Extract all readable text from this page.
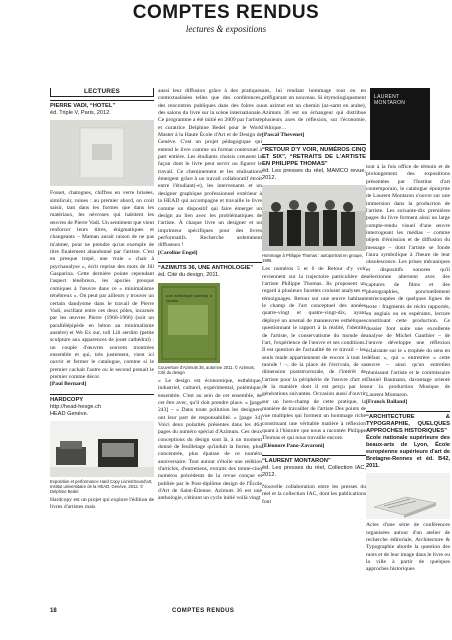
COMPTES RENDUS
lectures & expositions
LECTURES
PIERRE VADI, “HOTEL”
éd. Triple V, Paris, 2012.

Fosset, chatognes, chiffres en verre brisées, similicuir, ruines : au premier abord, on croit saisir, tant dans les formes que dans les matériaux, les névroses qui habitent les œuvres de Pierre Vadi. Un sentiment que vient renforcer leurs titres, énigmatiques et changeants – Maman aurait raison de ne pas m'aimer, pour ne prendre qu'un exemple de titre finalement abandonné par l'artiste. C'est en presque tropé, une vraie « chair à psychanalyse », écrit reprise des mots de Jill Gasparina. Cette dernière pointe cependant l'aspect ténébreux, les apories presque comiques à l'œuvre dans ce « minimalisme ténébreux ». On peut par ailleurs y trouver un certain dandysme dans le travail de Pierre Vadi, oscillant entre ces deux pôles, incarnés par les œuvres Pierre (1966-1966) (soit un parallélépipède en béton au minimalisme austère) et We Ex sur, toll Lili serdim (petite sculpture aux apparences de jouet cathédral) : un couple d'œuvres souvent montrées ensemble et qui, très justement, vient ici ouvrir et fermer le catalogue, comme si le premier cachait l'autre ou le second prenait le premier comme décor.

[Paul Bernard]

HARDCOPY
http://head-hesge.ch
HEAD Genève.
Exposition et performance Hard Copy Livres/Sound’art, Institut universitaire de la HEAD, Genève, 2012. © Delphine Bedel

Hardcopy est un projet qui explore l'édition de livres d'artistes mais

aussi leur diffusion grâce à des pratiques contextualisées telles que des conférences, des rencontres publiques dans des foires ou des salons du livre sur la scène internationale. Ce programme a été initié en 2009 par l'artiste et curatrice Delphine Bedel pour le Work Master à la Haute École d'Art et de Design de Genève. C'est un projet pédagogique qui entend le livre comme un format contextuel à part entière. Les étudiants choisis creusent la façon dont le livre peut servir ou figurer le travail. Ce cheminement et les réalisations émergent grâce à un travail collaboratif étroit entre l'étudiant(-e), les intervenants et un designer graphique professionnel extérieur à la HEAD qui accompagne et travaille le livre comme un dispositif qui faire émerger un design au lien avec les problématiques de l'artiste. À chaque livre un designer et un imprimeur spécifiques pour des livres performatifs. Recherche ardemment diffuseurs !

[Caroline Engel]

“AZIMUTS 36, UNE ANTHOLOGIE”
éd. Cité du design, 2011.
une anthologie azimuts à coudre
Couverture d'Azimuts 36, automne 2011. © Azimuts, Cité du design

« Le design est économique, esthétique, industriel, culturel, expérimental, polémique, ensemble. C'est au sein de cet ensemble, de cet être avec, qu'il doit prendre place. » [page 243] – « Dans toute pollution les designers ont leur part de responsabilité. » [page 34] Voici deux polarités présentes dans les 464 pages du numéro spécial d'Azimuts. Ces deux conceptions du design sont là, à un moment donné de feuilletage qu'induit la forme, plus concentrée, plus épaisse de ce numéro anniversaire. Tout autour s'étoile une rédition d'articles, d'entretiens, extraits des trente-cinq numéros précédents de la revue conçue et publiée par le Post-diplôme design de l'École d'Art de Saint-Étienne. Azimuts 36 est une anthologie, s'étirant un cycle initié voilà vingt

ans, lui rendant hommage tout en en préfigurant un nouveau. Si étymologiquement un azimut est un chemin (az-samt en arabe), Azimuts 36 est un échangeur qui distribue plusieurs axes de réflexion, sur l'économie, l'éthique…

[Pascal Thevenet]

“RETOUR D'Y VOIR, NUMÉROS CINQ ET SIX”, “RETRAITS DE L'ARTISTE EN PHILIPPE THOMAS”
éd. Les presses du réel, MAMCO revue, 2012.
Hommage à Philippe Thomas : autoportrait en groupe, 1985.

Les numéros 5 et 6 de Retour d'y voir reviennent sur la trajectoire particulière de l'artiste Philippe Thomas. Ils proposent un regard à plusieurs facettes croisant analyses et témoignages. Retour sur une œuvre habitant le champ de l'art conceptuel des années quatre-vingt et quatre-vingt-dix, ayant déployé un arsenal de manœuvres esthétiques questionnant le rapport à la réalité, l'identité de l'artiste, le conservatisme du monde de l'art, l'expérience de l'œuvre et ses conditions. Il est question de l'actualité de ce travail – les seuls made appartiennent de encore à tout le monde ! –, de la place de l'écrivain, de sa dimension poststructurale, de l'intérêt de l'artiste pour la périphérie de l'œuvre d'art et de la manière dont il est perçu par les générations suivantes. Occasion aussi d'ouvrir sur un hors-champ de cette pratique, la manière de travailler de l'artiste Des points de vue multiples qui forment un hommage riche constituant une véritable matière à réflexion quant à l'histoire que nous a racontée Philippe Thomas et qui nous travaille encore.

[Eléonore Pano-Zavaroni]

“LAURENT MONTARON”
éd. Les presses du réel, Collection IAC, 2012.

Nouvelle collaboration entre les presses du réel et la collection IAC, dont les publications font

LAURENT
MONTARON

tout à la fois office de témoin et de prolongement des expositions présentées par l'Institut d'art contemporain, le catalogue éponyme de Laurent Montaron s'ouvre sur une immersion dans la production de l'artiste. Les soixante-dix premières pages du livre forment ainsi un large compte-rendu visuel d'une œuvre interrogeant les médias – comme objets d'émission et de diffusion du message – dont l'artiste se fonde l'aura symbolique à l'heure de leur obsolescence. Les prises mécaniques et dispositifs sonores qu'il sélectionne alternent avec des captures de films et des photographies, ponctuellement entrecoupées de quelques lignes de texte : fragments de récits rapportés, en anglais ou en espéranto, lecture constituant cette production. Ce dossier font suite une excellente analyse de Michel Gauthier – de l'œuvre développe une réflexion éclairante sur le « trophée du sens en défaut », qui « entretrère » cette œuvre – ainsi qu'un entretien réunissant l'artiste et le commissaire Daniel Baumann, davantage orienté sur la production Musique de Laurent Montaron.

[Franck Balland]

“ARCHITECTURE & TYPOGRAPHIE, QUELQUES APPROCHES HISTORIQUES”
École nationale supérieure des beaux-arts de Lyon, École européenne supérieure d'art de Bretagne-Rennes et éd. B42, 2011.

Actes d'une série de conférences organisées autour d'un atelier de recherche éditoriale, Architecture & Typographie aborde la question des mots et de leur image dans le livre ou la ville à partir de quelques approches historiques

18	COMPTES RENDUS
